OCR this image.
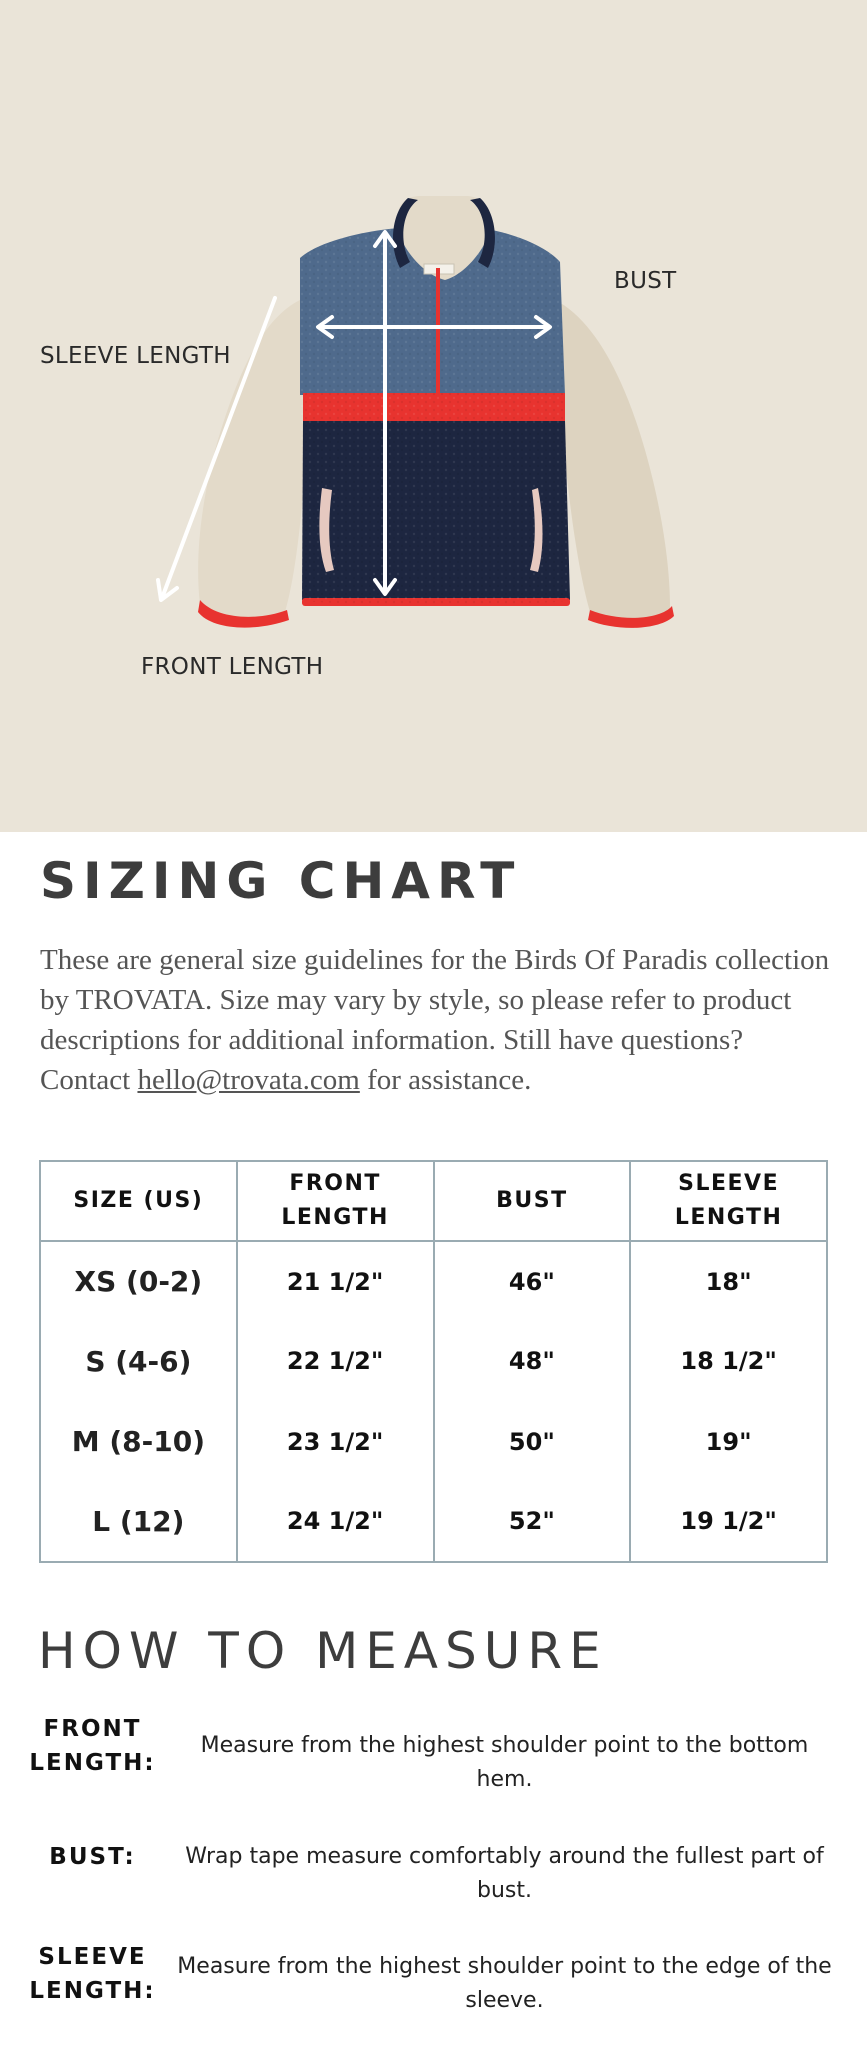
BUST
SLEEVE LENGTH
FRONT LENGTH
SIZING CHART

These are general size guidelines for the Birds Of Paradis collection by TROVATA. Size may vary by style, so please refer to product descriptions for additional information. Still have questions? Contact hello@trovata.com for assistance.

SIZE (US)	FRONT LENGTH	BUST	SLEEVE LENGTH
XS (0-2)	21 1/2"	46"	18"
S (4-6)	22 1/2"	48"	18 1/2"
M (8-10)	23 1/2"	50"	19"
L (12)	24 1/2"	52"	19 1/2"
HOW TO MEASURE
FRONT LENGTH:
Measure from the highest shoulder point to the bottom hem.
BUST:	Wrap tape measure comfortably around the fullest part of bust.
SLEEVE LENGTH:
Measure from the highest shoulder point to the edge of the sleeve.
